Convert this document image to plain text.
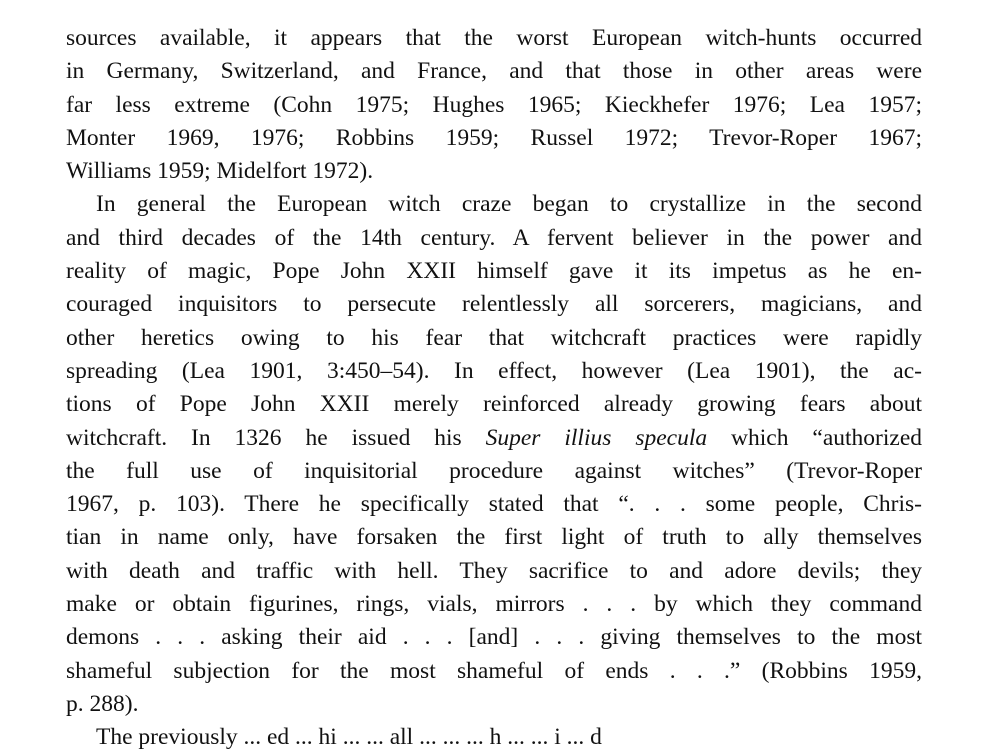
sources available, it appears that the worst European witch-hunts occurred
in Germany, Switzerland, and France, and that those in other areas were
far less extreme (Cohn 1975; Hughes 1965; Kieckhefer 1976; Lea 1957;
Monter 1969, 1976; Robbins 1959; Russel 1972; Trevor-Roper 1967;
Williams 1959; Midelfort 1972).
In general the European witch craze began to crystallize in the second
and third decades of the 14th century. A fervent believer in the power and
reality of magic, Pope John XXII himself gave it its impetus as he en-
couraged inquisitors to persecute relentlessly all sorcerers, magicians, and
other heretics owing to his fear that witchcraft practices were rapidly
spreading (Lea 1901, 3:450–54). In effect, however (Lea 1901), the ac-
tions of Pope John XXII merely reinforced already growing fears about
witchcraft. In 1326 he issued his Super illius specula which “authorized
the full use of inquisitorial procedure against witches” (Trevor-Roper
1967, p. 103). There he specifically stated that “. . . some people, Chris-
tian in name only, have forsaken the first light of truth to ally themselves
with death and traffic with hell. They sacrifice to and adore devils; they
make or obtain figurines, rings, vials, mirrors . . . by which they command
demons . . . asking their aid . . . [and] . . . giving themselves to the most
shameful subjection for the most shameful of ends . . .” (Robbins 1959,
p. 288).
The previously ... ed ... hi ... ... all ... ... ... h ... ... i ... d
